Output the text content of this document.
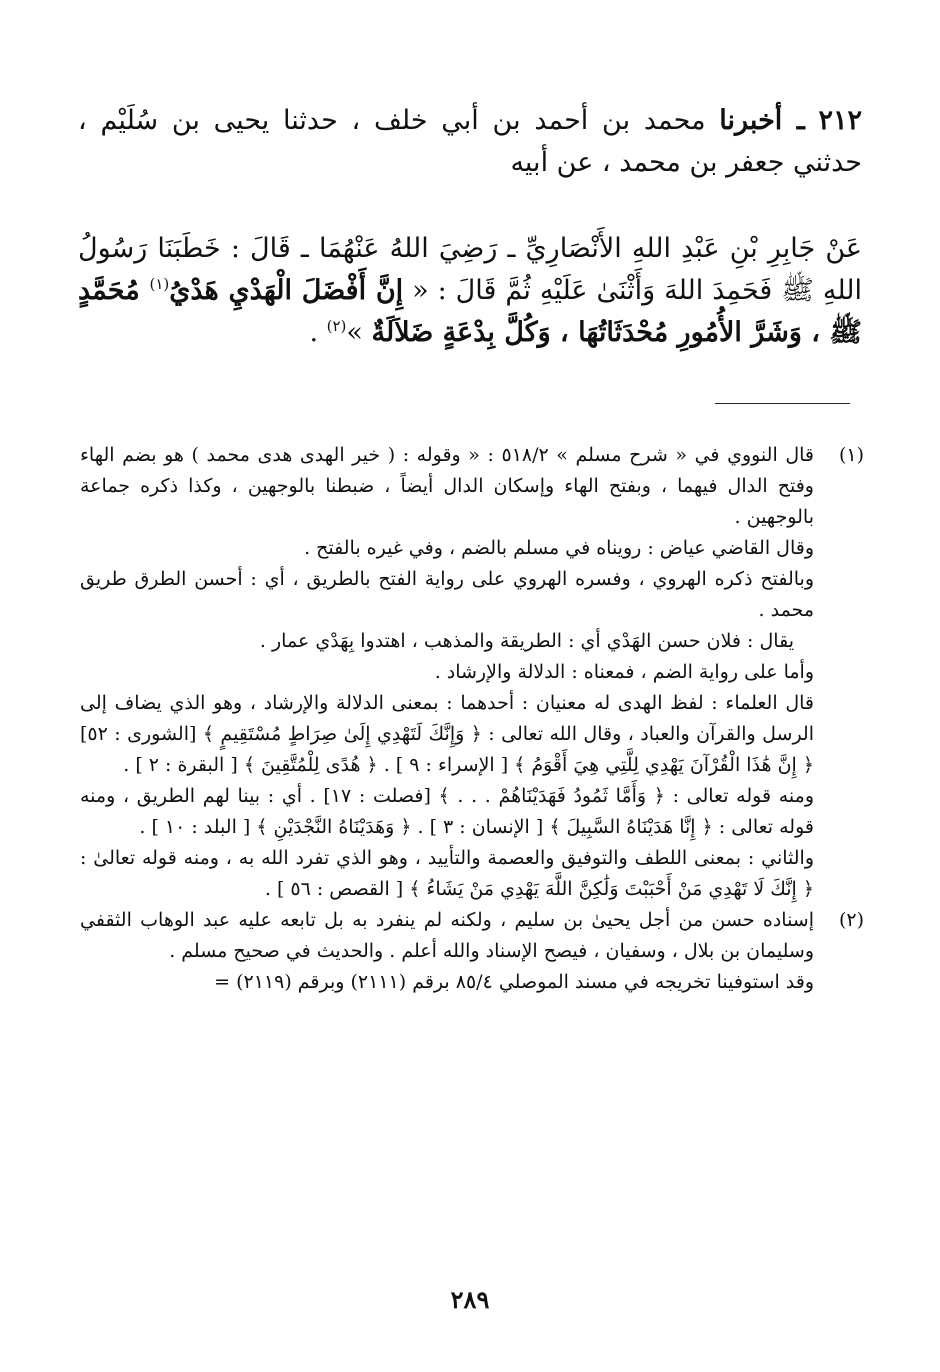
٢١٢ ـ أخبرنا محمد بن أحمد بن أبي خلف ، حدثنا يحيى بن سُلَيْم ، حدثني جعفر بن محمد ، عن أبيه

عَنْ جَابِرِ بْنِ عَبْدِ اللهِ الأَنْصَارِيِّ ـ رَضِيَ اللهُ عَنْهُمَا ـ قَالَ : خَطَبَنَا رَسُولُ اللهِ ﷺ فَحَمِدَ اللهَ وَأَثْنَىٰ عَلَيْهِ ثُمَّ قَالَ : « إِنَّ أَفْضَلَ الْهَدْيِ هَدْيُ$^{(١)}$ مُحَمَّدٍ ﷺ ، وَشَرَّ الأُمُورِ مُحْدَثَاتُهَا ، وَكُلَّ بِدْعَةٍ ضَلاَلَةٌ »$^{(٢)}$ .

(١)

قال النووي في « شرح مسلم » ٥١٨/٢ : « وقوله : ( خير الهدى هدى محمد ) هو بضم الهاء وفتح الدال فيهما ، وبفتح الهاء وإسكان الدال أيضاً ، ضبطنا بالوجهين ، وكذا ذكره جماعة بالوجهين .

وقال القاضي عياض : رويناه في مسلم بالضم ، وفي غيره بالفتح .

وبالفتح ذكره الهروي ، وفسره الهروي على رواية الفتح بالطريق ، أي : أحسن الطرق طريق محمد .

يقال : فلان حسن الهَدْي أي : الطريقة والمذهب ، اهتدوا بِهَدْي عمار .

وأما على رواية الضم ، فمعناه : الدلالة والإرشاد .

قال العلماء : لفظ الهدى له معنيان : أحدهما : بمعنى الدلالة والإرشاد ، وهو الذي يضاف إلى الرسل والقرآن والعباد ، وقال الله تعالى : ﴿ وَإِنَّكَ لَتَهْدِي إِلَىٰ صِرَاطٍ مُسْتَقِيمٍ ﴾ [الشورى : ٥٢] ﴿ إِنَّ هَٰذَا الْقُرْآنَ يَهْدِي لِلَّتِي هِيَ أَقْوَمُ ﴾ [ الإسراء : ٩ ] . ﴿ هُدًى لِلْمُتَّقِينَ ﴾ [ البقرة : ٢ ] .

ومنه قوله تعالى : ﴿ وَأَمَّا ثَمُودُ فَهَدَيْنَاهُمْ . . . ﴾ [فصلت : ١٧] . أي : بينا لهم الطريق ، ومنه قوله تعالى : ﴿ إِنَّا هَدَيْنَاهُ السَّبِيلَ ﴾ [ الإنسان : ٣ ] . ﴿ وَهَدَيْنَاهُ النَّجْدَيْنِ ﴾ [ البلد : ١٠ ] .

والثاني : بمعنى اللطف والتوفيق والعصمة والتأييد ، وهو الذي تفرد الله به ، ومنه قوله تعالىٰ : ﴿ إِنَّكَ لَا تَهْدِي مَنْ أَحْبَبْتَ وَلَٰكِنَّ اللَّهَ يَهْدِي مَنْ يَشَاءُ ﴾ [ القصص : ٥٦ ] .

(٢)

إسناده حسن من أجل يحيىٰ بن سليم ، ولكنه لم ينفرد به بل تابعه عليه عبد الوهاب الثقفي وسليمان بن بلال ، وسفيان ، فيصح الإسناد والله أعلم . والحديث في صحيح مسلم .

وقد استوفينا تخريجه في مسند الموصلي ٨٥/٤ برقم (٢١١١) وبرقم (٢١١٩) =

٢٨٩
